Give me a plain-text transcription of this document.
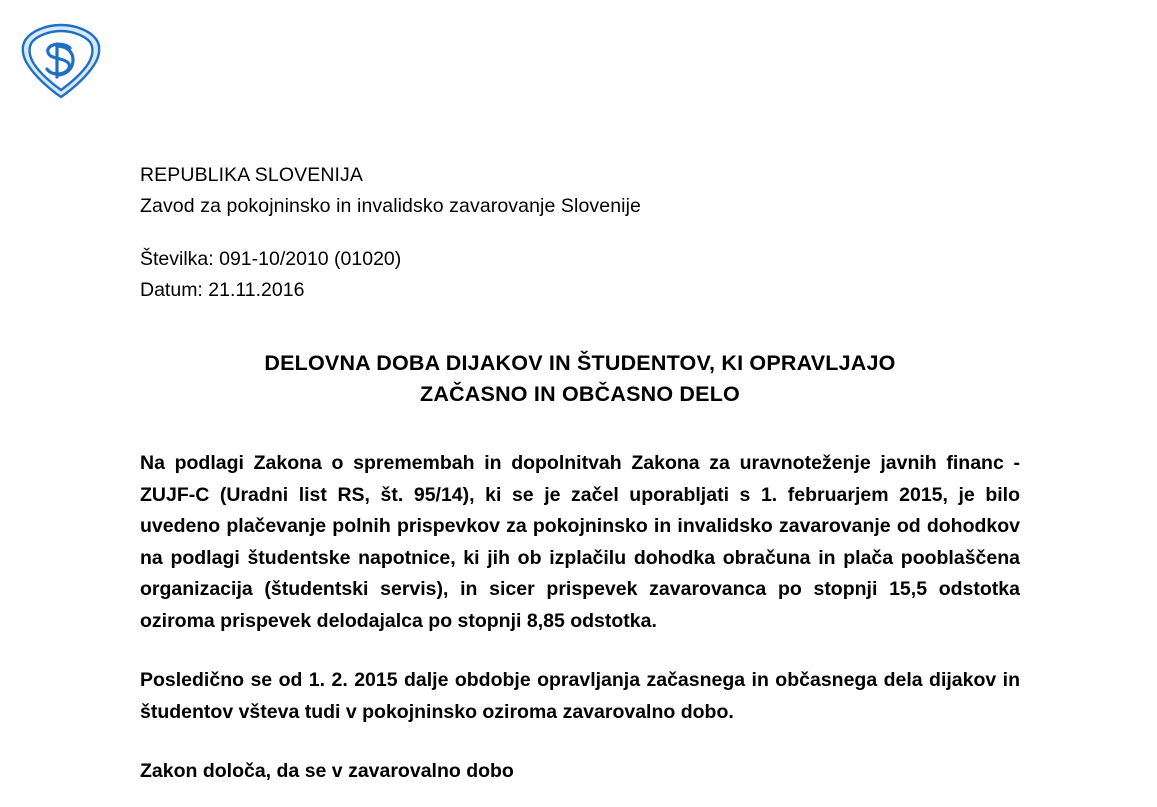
REPUBLIKA SLOVENIJA
Zavod za pokojninsko in invalidsko zavarovanje Slovenije
Številka: 091-10/2010 (01020)
Datum: 21.11.2016
DELOVNA DOBA DIJAKOV IN ŠTUDENTOV, KI OPRAVLJAJO
ZAČASNO IN OBČASNO DELO

Na podlagi Zakona o spremembah in dopolnitvah Zakona za uravnoteženje javnih financ - ZUJF-C (Uradni list RS, št. 95/14), ki se je začel uporabljati s 1. februarjem 2015, je bilo uvedeno plačevanje polnih prispevkov za pokojninsko in invalidsko zavarovanje od dohodkov na podlagi študentske napotnice, ki jih ob izplačilu dohodka obračuna in plača pooblaščena organizacija (študentski servis), in sicer prispevek zavarovanca po stopnji 15,5 odstotka oziroma prispevek delodajalca po stopnji 8,85 odstotka.

Posledično se od 1. 2. 2015 dalje obdobje opravljanja začasnega in občasnega dela dijakov in študentov všteva tudi v pokojninsko oziroma zavarovalno dobo.

Zakon določa, da se v zavarovalno dobo
